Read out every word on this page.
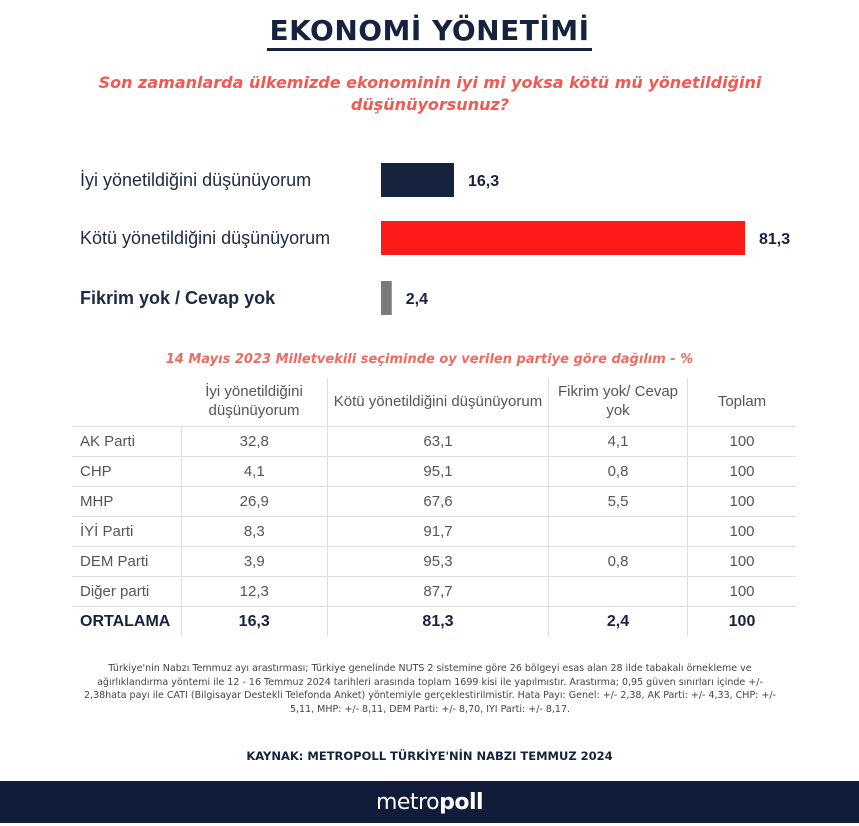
EKONOMİ YÖNETİMİ
Son zamanlarda ülkemizde ekonominin iyi mi yoksa kötü mü yönetildiğini düşünüyorsunuz?
İyi yönetildiğini düşünüyorum	16,3
Kötü yönetildiğini düşünüyorum	81,3
Fikrim yok / Cevap yok	2,4
14 Mayıs 2023 Milletvekili seçiminde oy verilen partiye göre dağılım - %
	İyi yönetildiğini düşünüyorum	Kötü yönetildiğini düşünüyorum	Fikrim yok/ Cevap yok	Toplam
AK Parti	32,8	63,1	4,1	100
CHP	4,1	95,1	0,8	100
MHP	26,9	67,6	5,5	100
İYİ Parti	8,3	91,7		100
DEM Parti	3,9	95,3	0,8	100
Diğer parti	12,3	87,7		100
ORTALAMA	16,3	81,3	2,4	100
Türkiye'nin Nabzı Temmuz ayı arastırması; Türkiye genelinde NUTS 2 sistemine göre 26 bölgeyi esas alan 28 ilde tabakalı örnekleme ve ağırlıklandırma yöntemi ile 12 - 16 Temmuz 2024 tarihleri arasında toplam 1699 kisi ile yapılmıstır. Arastırma; 0,95 güven sınırları içinde +/- 2,38hata payı ile CATI (Bilgisayar Destekli Telefonda Anket) yöntemiyle gerçeklestirilmistir. Hata Payı: Genel: +/- 2,38, AK Parti: +/- 4,33, CHP: +/- 5,11, MHP: +/- 8,11, DEM Parti: +/- 8,70, IYI Parti: +/- 8,17.
KAYNAK: METROPOLL TÜRKİYE'NİN NABZI TEMMUZ 2024
metropoll
